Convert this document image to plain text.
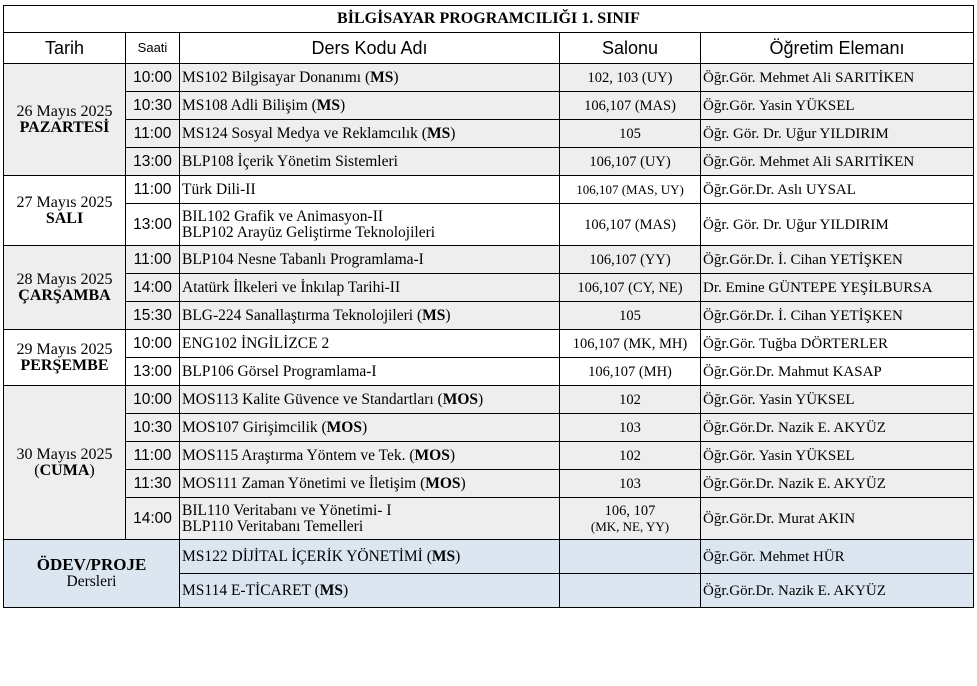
BİLGİSAYAR PROGRAMCILIĞI 1. SINIF				
Tarih	Saati	Ders Kodu Adı	Salonu	Öğretim Elemanı
26 Mayıs 2025
PAZARTESİ	10:00	MS102 Bilgisayar Donanımı (MS)	102, 103 (UY)	Öğr.Gör. Mehmet Ali SARITİKEN
	10:30	MS108 Adli Bilişim (MS)	106,107 (MAS)	Öğr.Gör. Yasin YÜKSEL
	11:00	MS124 Sosyal Medya ve Reklamcılık (MS)	105	Öğr. Gör. Dr. Uğur YILDIRIM
	13:00	BLP108 İçerik Yönetim Sistemleri	106,107 (UY)	Öğr.Gör. Mehmet Ali SARITİKEN
27 Mayıs 2025
SALI	11:00	Türk Dili-II	106,107 (MAS, UY)	Öğr.Gör.Dr. Aslı UYSAL
	13:00	BIL102 Grafik ve Animasyon-II
BLP102 Arayüz Geliştirme Teknolojileri	106,107 (MAS)	Öğr. Gör. Dr. Uğur YILDIRIM
28 Mayıs 2025
ÇARŞAMBA	11:00	BLP104 Nesne Tabanlı Programlama-I	106,107 (YY)	Öğr.Gör.Dr. İ. Cihan YETİŞKEN
	14:00	Atatürk İlkeleri ve İnkılap Tarihi-II	106,107 (CY, NE)	Dr. Emine GÜNTEPE YEŞİLBURSA
	15:30	BLG-224 Sanallaştırma Teknolojileri (MS)	105	Öğr.Gör.Dr. İ. Cihan YETİŞKEN
29 Mayıs 2025
PERŞEMBE	10:00	ENG102 İNGİLİZCE 2	106,107 (MK, MH)	Öğr.Gör. Tuğba DÖRTERLER
	13:00	BLP106 Görsel Programlama-I	106,107 (MH)	Öğr.Gör.Dr. Mahmut KASAP
30 Mayıs 2025
(CUMA)	10:00	MOS113 Kalite Güvence ve Standartları (MOS)	102	Öğr.Gör. Yasin YÜKSEL
	10:30	MOS107 Girişimcilik (MOS)	103	Öğr.Gör.Dr. Nazik E. AKYÜZ
	11:00	MOS115 Araştırma Yöntem ve Tek. (MOS)	102	Öğr.Gör. Yasin YÜKSEL
	11:30	MOS111 Zaman Yönetimi ve İletişim (MOS)	103	Öğr.Gör.Dr. Nazik E. AKYÜZ
	14:00	BIL110 Veritabanı ve Yönetimi- I
BLP110 Veritabanı Temelleri	106, 107
(MK, NE, YY)	Öğr.Gör.Dr. Murat AKIN
ÖDEV/PROJE
Dersleri		MS122 DİJİTAL İÇERİK YÖNETİMİ (MS)		Öğr.Gör. Mehmet HÜR
		MS114 E-TİCARET (MS)		Öğr.Gör.Dr. Nazik E. AKYÜZ
